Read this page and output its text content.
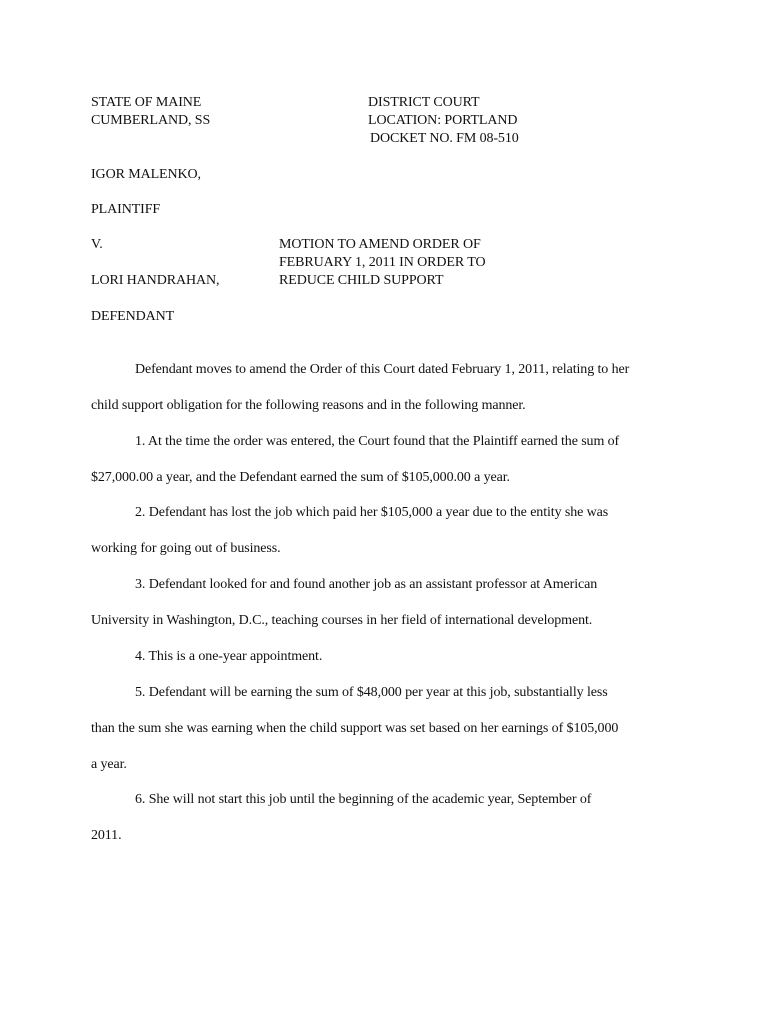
STATE OF MAINE
CUMBERLAND, SS
DISTRICT COURT
LOCATION: PORTLAND
DOCKET NO. FM 08-510
IGOR MALENKO,
PLAINTIFF
V.
LORI HANDRAHAN,
DEFENDANT
MOTION TO AMEND ORDER OF
FEBRUARY 1, 2011 IN ORDER TO
REDUCE CHILD SUPPORT
Defendant moves to amend the Order of this Court dated February 1, 2011, relating to her
child support obligation for the following reasons and in the following manner.
1. At the time the order was entered, the Court found that the Plaintiff earned the sum of
$27,000.00 a year, and the Defendant earned the sum of $105,000.00 a year.
2. Defendant has lost the job which paid her $105,000 a year due to the entity she was
working for going out of business.
3. Defendant looked for and found another job as an assistant professor at American
University in Washington, D.C., teaching courses in her field of international development.
4. This is a one-year appointment.
5. Defendant will be earning the sum of $48,000 per year at this job, substantially less
than the sum she was earning when the child support was set based on her earnings of $105,000
a year.
6. She will not start this job until the beginning of the academic year, September of
2011.
